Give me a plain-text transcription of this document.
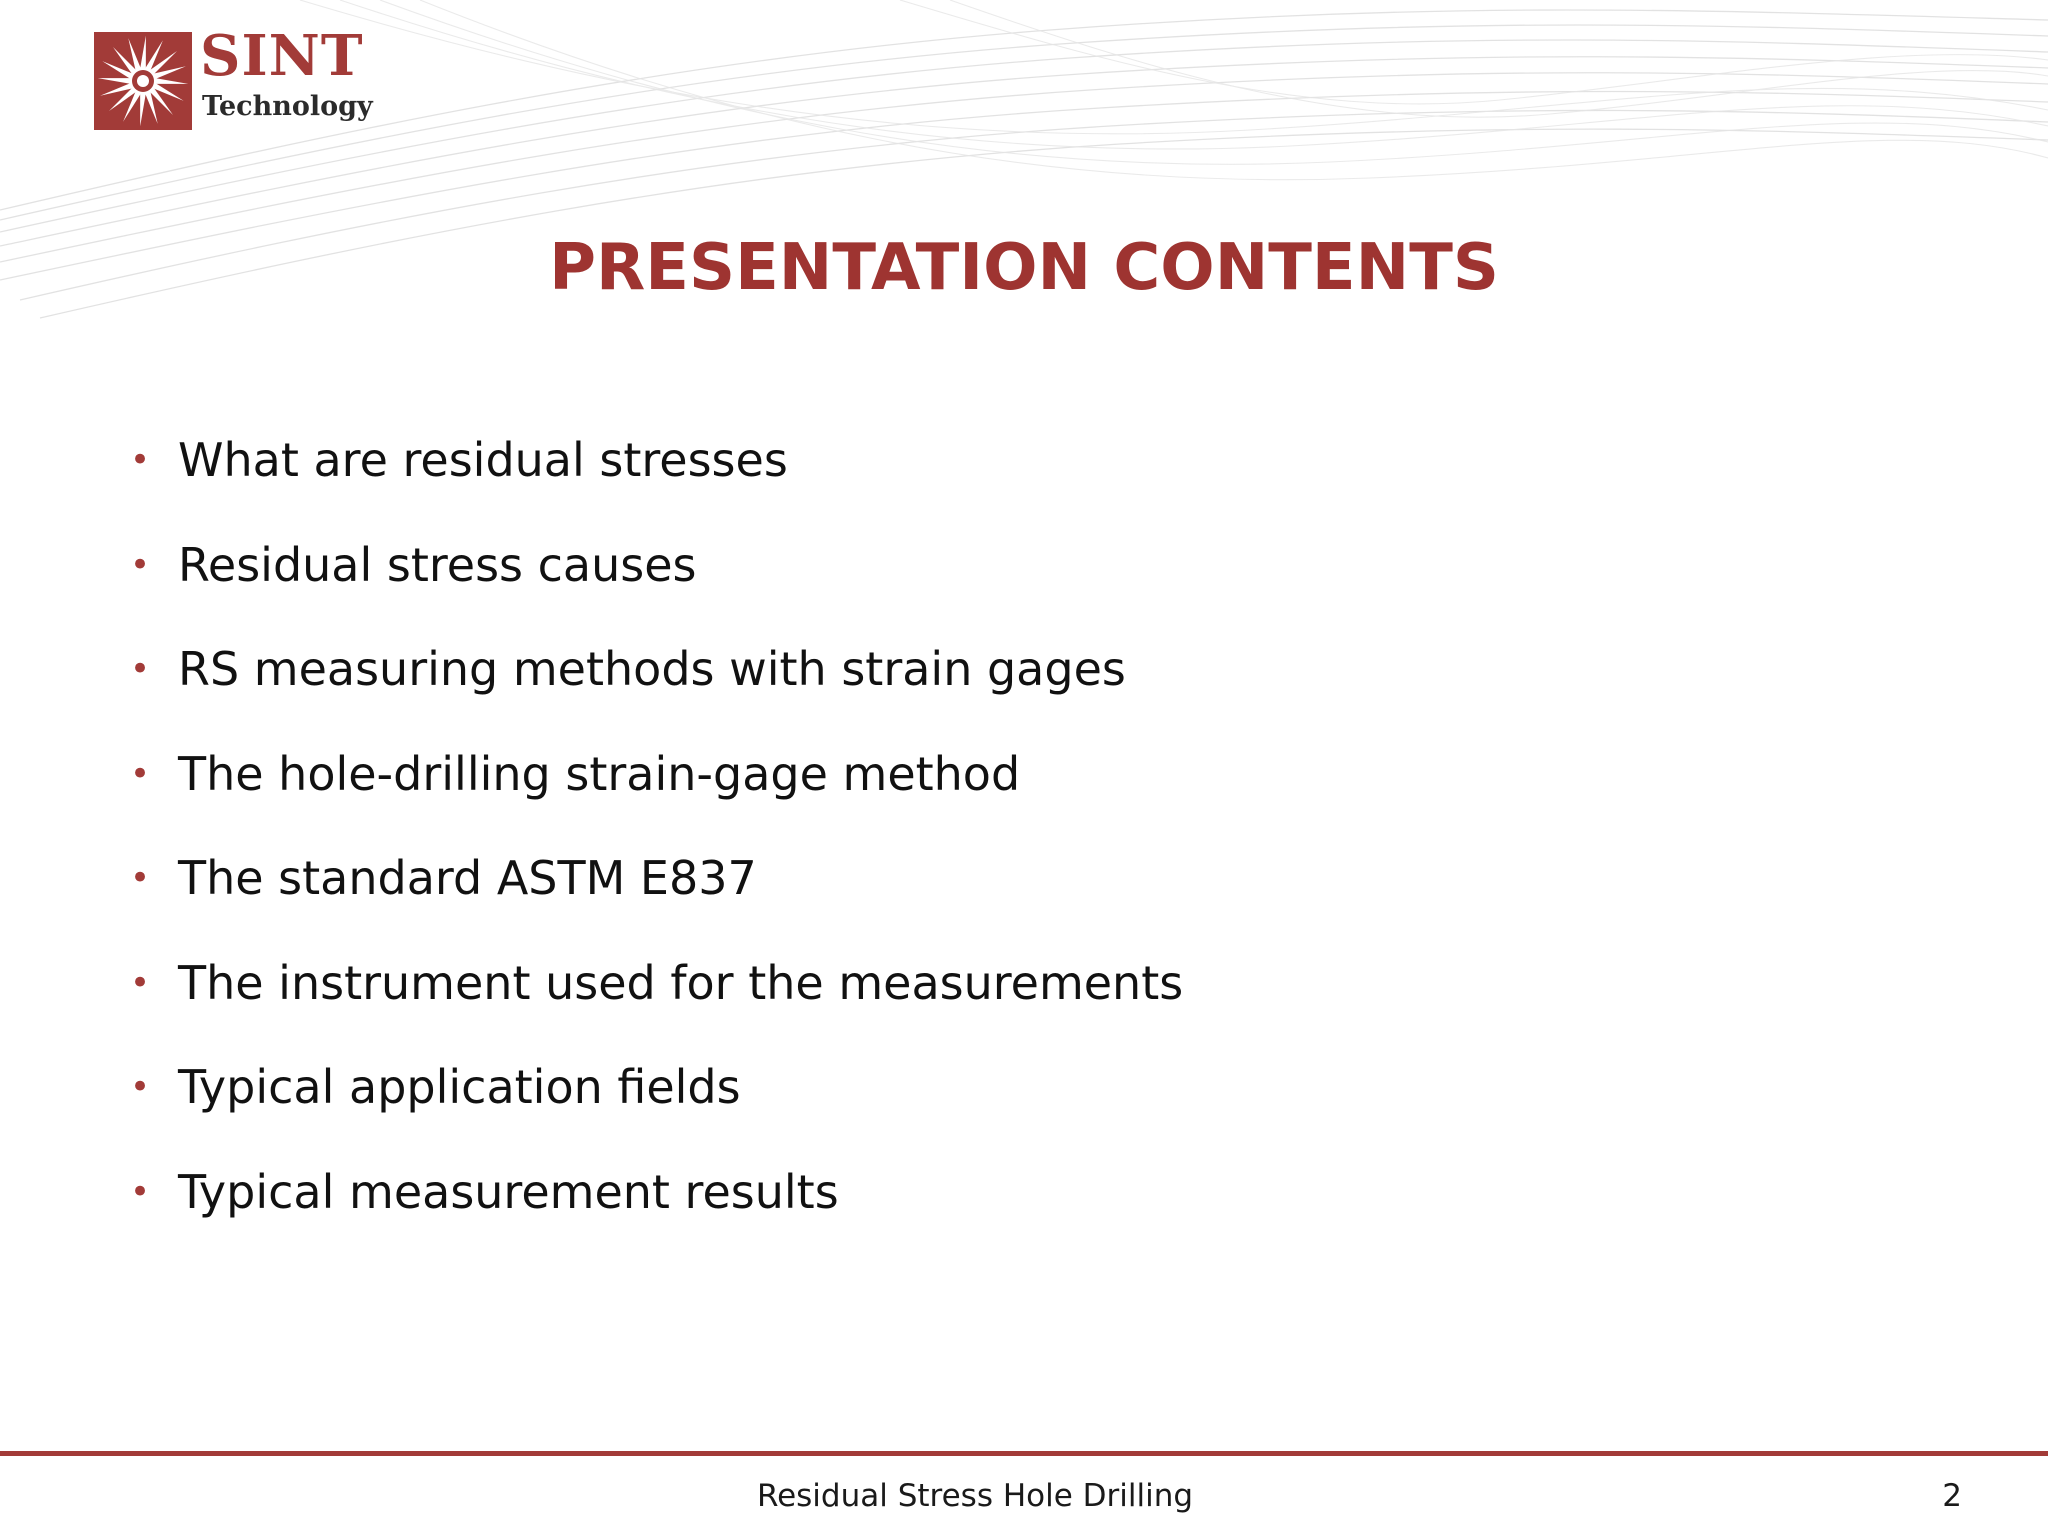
SINT
Technology
PRESENTATION CONTENTS
• What are residual stresses
• Residual stress causes
• RS measuring methods with strain gages
• The hole-drilling strain-gage method
• The standard ASTM E837
• The instrument used for the measurements
• Typical application fields
• Typical measurement results
Residual Stress Hole Drilling	2
